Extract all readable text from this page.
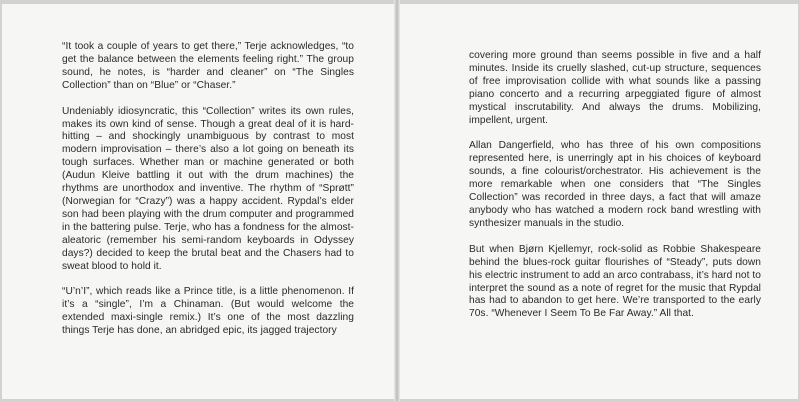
“It took a couple of years to get there,” Terje acknowledges, “to get the balance between the elements feeling right.” The group sound, he notes, is “harder and cleaner” on “The Singles Collection” than on “Blue” or “Chaser.”

Undeniably idiosyncratic, this “Collection” writes its own rules, makes its own kind of sense. Though a great deal of it is hard-hitting – and shockingly unambiguous by contrast to most modern improvisation – there’s also a lot going on beneath its tough surfaces. Whether man or machine generated or both (Audun Kleive battling it out with the drum machines) the rhythms are unorthodox and inventive. The rhythm of “Sprøtt” (Norwegian for “Crazy”) was a happy accident. Rypdal’s elder son had been playing with the drum computer and programmed in the battering pulse. Terje, who has a fondness for the almost-aleatoric (remember his semi-random keyboards in Odyssey days?) decided to keep the brutal beat and the Chasers had to sweat blood to hold it.

“U’n’I”, which reads like a Prince title, is a little phenomenon. If it’s a “single”, I’m a Chinaman. (But would welcome the extended maxi-single remix.) It’s one of the most dazzling things Terje has done, an abridged epic, its jagged trajectory

covering more ground than seems possible in five and a half minutes. Inside its cruelly slashed, cut-up structure, sequences of free improvisation collide with what sounds like a passing piano concerto and a recurring arpeggiated figure of almost mystical inscrutability. And always the drums. Mobilizing, impellent, urgent.

Allan Dangerfield, who has three of his own compositions represented here, is unerringly apt in his choices of keyboard sounds, a fine colourist/orchestrator. His achievement is the more remarkable when one considers that “The Singles Collection” was recorded in three days, a fact that will amaze anybody who has watched a modern rock band wrestling with synthesizer manuals in the studio.

But when Bjørn Kjellemyr, rock-solid as Robbie Shakespeare behind the blues-rock guitar flourishes of “Steady”, puts down his electric instrument to add an arco contrabass, it’s hard not to interpret the sound as a note of regret for the music that Rypdal has had to abandon to get here. We’re transported to the early 70s. “Whenever I Seem To Be Far Away.” All that.
